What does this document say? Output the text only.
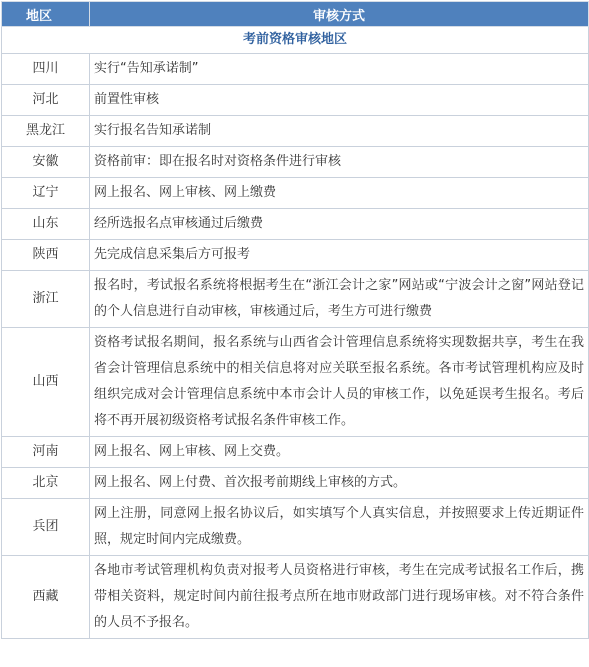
地区	审核方式
考前资格审核地区	
四川	实行“告知承诺制”
河北	前置性审核
黑龙江	实行报名告知承诺制
安徽	资格前审：即在报名时对资格条件进行审核
辽宁	网上报名、网上审核、网上缴费
山东	经所选报名点审核通过后缴费
陕西	先完成信息采集后方可报考
浙江	报名时，考试报名系统将根据考生在“浙江会计之家”网站或“宁波会计之窗”网站登记的个人信息进行自动审核，审核通过后，考生方可进行缴费
山西	资格考试报名期间，报名系统与山西省会计管理信息系统将实现数据共享，考生在我省会计管理信息系统中的相关信息将对应关联至报名系统。各市考试管理机构应及时组织完成对会计管理信息系统中本市会计人员的审核工作，以免延误考生报名。考后将不再开展初级资格考试报名条件审核工作。
河南	网上报名、网上审核、网上交费。
北京	网上报名、网上付费、首次报考前期线上审核的方式。
兵团	网上注册，同意网上报名协议后，如实填写个人真实信息，并按照要求上传近期证件照，规定时间内完成缴费。
西藏	各地市考试管理机构负责对报考人员资格进行审核，考生在完成考试报名工作后，携带相关资料，规定时间内前往报考点所在地市财政部门进行现场审核。对不符合条件的人员不予报名。
